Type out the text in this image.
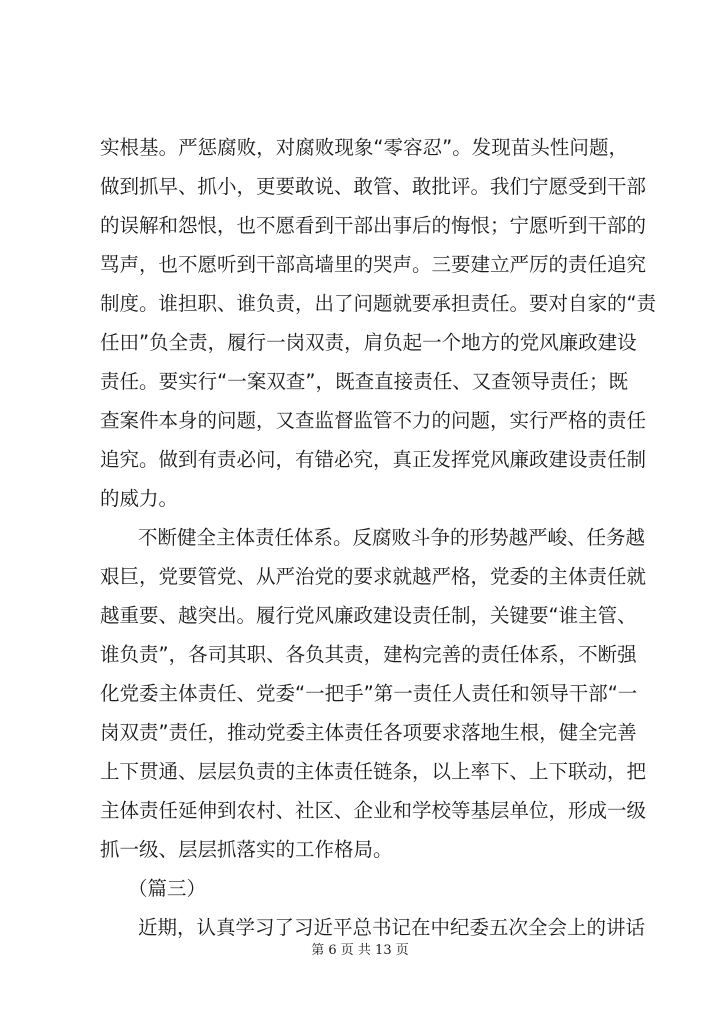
实根基。严惩腐败，对腐败现象“零容忍”。发现苗头性问题，
做到抓早、抓小，更要敢说、敢管、敢批评。我们宁愿受到干部
的误解和怨恨，也不愿看到干部出事后的悔恨；宁愿听到干部的
骂声，也不愿听到干部高墙里的哭声。三要建立严厉的责任追究
制度。谁担职、谁负责，出了问题就要承担责任。要对自家的“责
任田”负全责，履行一岗双责，肩负起一个地方的党风廉政建设
责任。要实行“一案双查”，既查直接责任、又查领导责任；既
查案件本身的问题，又查监督监管不力的问题，实行严格的责任
追究。做到有责必问，有错必究，真正发挥党风廉政建设责任制
的威力。
不断健全主体责任体系。反腐败斗争的形势越严峻、任务越
艰巨，党要管党、从严治党的要求就越严格，党委的主体责任就
越重要、越突出。履行党风廉政建设责任制，关键要“谁主管、
谁负责”，各司其职、各负其责，建构完善的责任体系，不断强
化党委主体责任、党委“一把手”第一责任人责任和领导干部“一
岗双责”责任，推动党委主体责任各项要求落地生根，健全完善
上下贯通、层层负责的主体责任链条，以上率下、上下联动，把
主体责任延伸到农村、社区、企业和学校等基层单位，形成一级
抓一级、层层抓落实的工作格局。
（篇三）
近期，认真学习了习近平总书记在中纪委五次全会上的讲话
第 6 页 共 13 页
